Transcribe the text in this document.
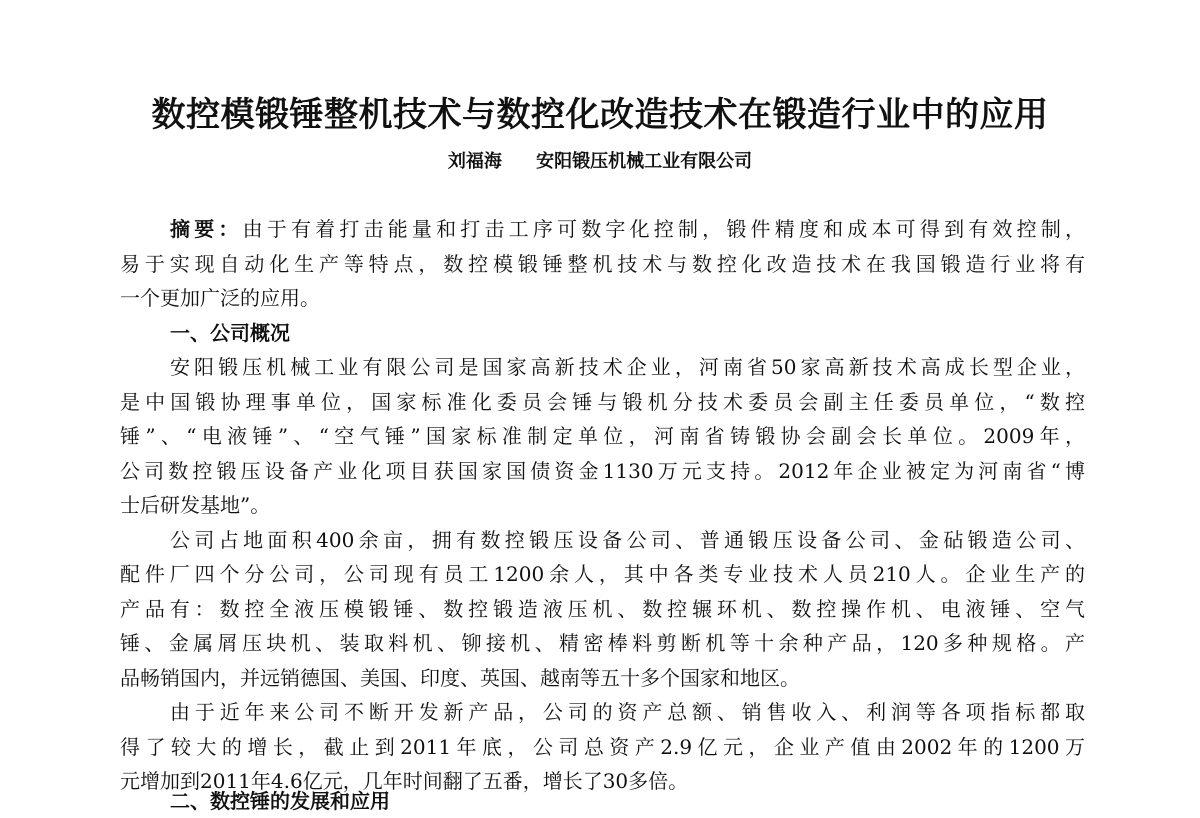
数控模锻锤整机技术与数控化改造技术在锻造行业中的应用
刘福海 安阳锻压机械工业有限公司
摘要：由于有着打击能量和打击工序可数字化控制，锻件精度和成本可得到有效控制，
易于实现自动化生产等特点，数控模锻锤整机技术与数控化改造技术在我国锻造行业将有
一个更加广泛的应用。
一、公司概况
安阳锻压机械工业有限公司是国家高新技术企业，河南省50家高新技术高成长型企业，
是中国锻协理事单位，国家标准化委员会锤与锻机分技术委员会副主任委员单位，“数控
锤”、“电液锤”、“空气锤”国家标准制定单位，河南省铸锻协会副会长单位。2009年，
公司数控锻压设备产业化项目获国家国债资金1130万元支持。2012年企业被定为河南省“博
士后研发基地”。
公司占地面积400余亩，拥有数控锻压设备公司、普通锻压设备公司、金砧锻造公司、
配件厂四个分公司，公司现有员工1200余人，其中各类专业技术人员210人。企业生产的
产品有：数控全液压模锻锤、数控锻造液压机、数控辗环机、数控操作机、电液锤、空气
锤、金属屑压块机、装取料机、铆接机、精密棒料剪断机等十余种产品，120多种规格。产
品畅销国内，并远销德国、美国、印度、英国、越南等五十多个国家和地区。
由于近年来公司不断开发新产品，公司的资产总额、销售收入、利润等各项指标都取
得了较大的增长，截止到2011年底，公司总资产2.9亿元，企业产值由2002年的1200万
元增加到2011年4.6亿元，几年时间翻了五番，增长了30多倍。
二、数控锤的发展和应用
